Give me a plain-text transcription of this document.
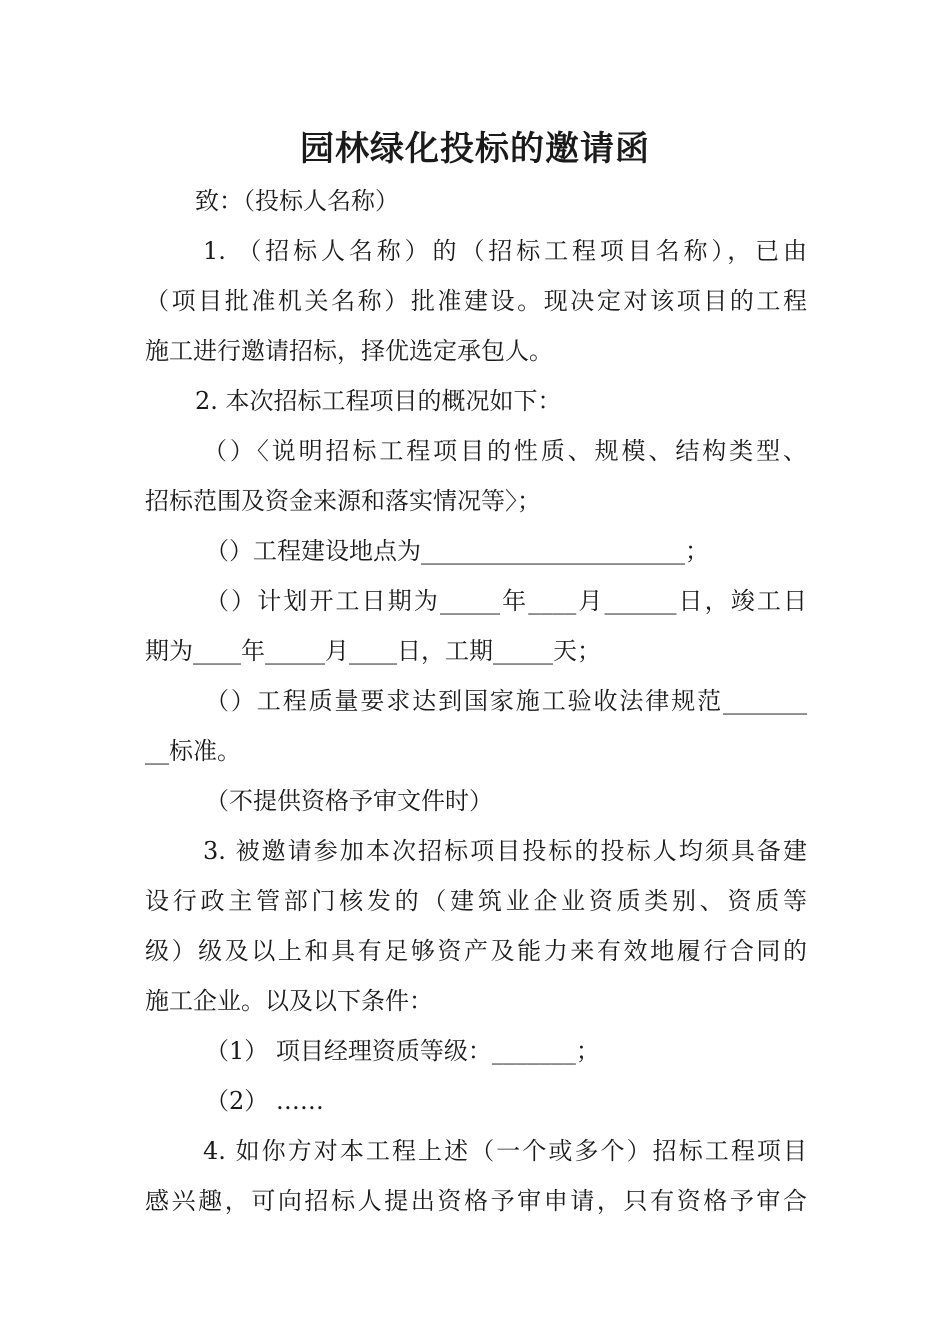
园林绿化投标的邀请函
致：（投标人名称）
1. （招标人名称）的（招标工程项目名称），已由
（项目批准机关名称）批准建设。现决定对该项目的工程
施工进行邀请招标，择优选定承包人。
2. 本次招标工程项目的概况如下：
（）〈说明招标工程项目的性质、规模、结构类型、
招标范围及资金来源和落实情况等〉；
（）工程建设地点为______________________；
（）计划开工日期为_____年____月______日，竣工日
期为____年_____月____日，工期_____天；
（）工程质量要求达到国家施工验收法律规范_______
__标准。
（不提供资格予审文件时）
3. 被邀请参加本次招标项目投标的投标人均须具备建
设行政主管部门核发的（建筑业企业资质类别、资质等
级）级及以上和具有足够资产及能力来有效地履行合同的
施工企业。以及以下条件：
（1） 项目经理资质等级：_______；
（2） ……
4. 如你方对本工程上述（一个或多个）招标工程项目
感兴趣，可向招标人提出资格予审申请，只有资格予审合
